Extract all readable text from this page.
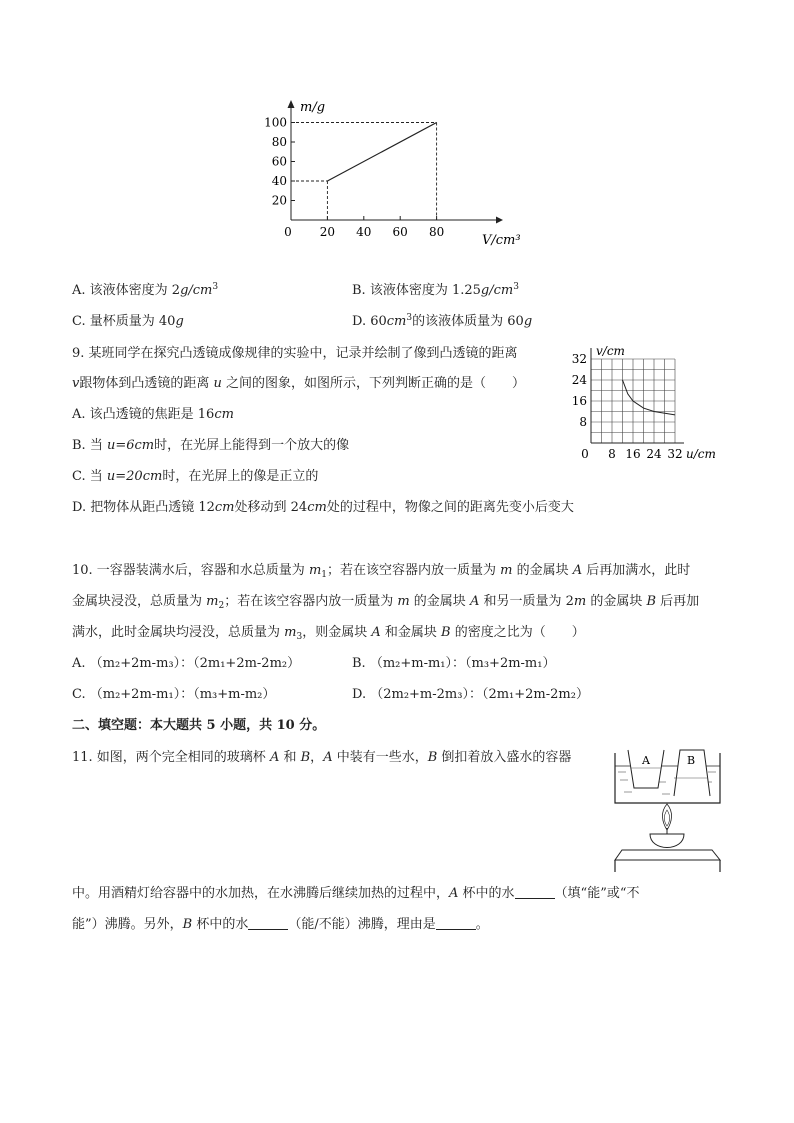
20
40
60
80
100
0 20 40 60 80
m/g
V/cm³
A. 该液体密度为 $2g/cm^3$	B. 该液体密度为 $1.25g/cm^3$
C. 量杯质量为 40g	D. $60cm^3$的该液体质量为 60g
9. 某班同学在探究凸透镜成像规律的实验中，记录并绘制了像到凸透镜的距离
v跟物体到凸透镜的距离 u 之间的图象，如图所示，下列判断正确的是（　　）
A. 该凸透镜的焦距是 16cm
B. 当 u=6cm时，在光屏上能得到一个放大的像
C. 当 u=20cm时，在光屏上的像是正立的
D. 把物体从距凸透镜 12cm处移动到 24cm处的过程中，物像之间的距离先变小后变大
8
16
24
32
0 8 16 24 32
v/cm
u/cm
10. 一容器装满水后，容器和水总质量为 $m_1$；若在该空容器内放一质量为 m 的金属块 A 后再加满水，此时
金属块浸没，总质量为 $m_2$；若在该空容器内放一质量为 m 的金属块 A 和另一质量为 2m 的金属块 B 后再加
满水，此时金属块均浸没，总质量为 $m_3$，则金属块 A 和金属块 B 的密度之比为（　　）
A. （m₂+2m-m₃）：（2m₁+2m-2m₂）	B. （m₂+m-m₁）：（m₃+2m-m₁）
C. （m₂+2m-m₁）：（m₃+m-m₂）	D. （2m₂+m-2m₃）：（2m₁+2m-2m₂）
二、填空题：本大题共 5 小题，共 10 分。
11. 如图，两个完全相同的玻璃杯 A 和 B，A 中装有一些水，B 倒扣着放入盛水的容器
中。用酒精灯给容器中的水加热，在水沸腾后继续加热的过程中，A 杯中的水	（填“能”或“不
能”）沸腾。另外，B 杯中的水	（能/不能）沸腾，理由是	。
A	B
